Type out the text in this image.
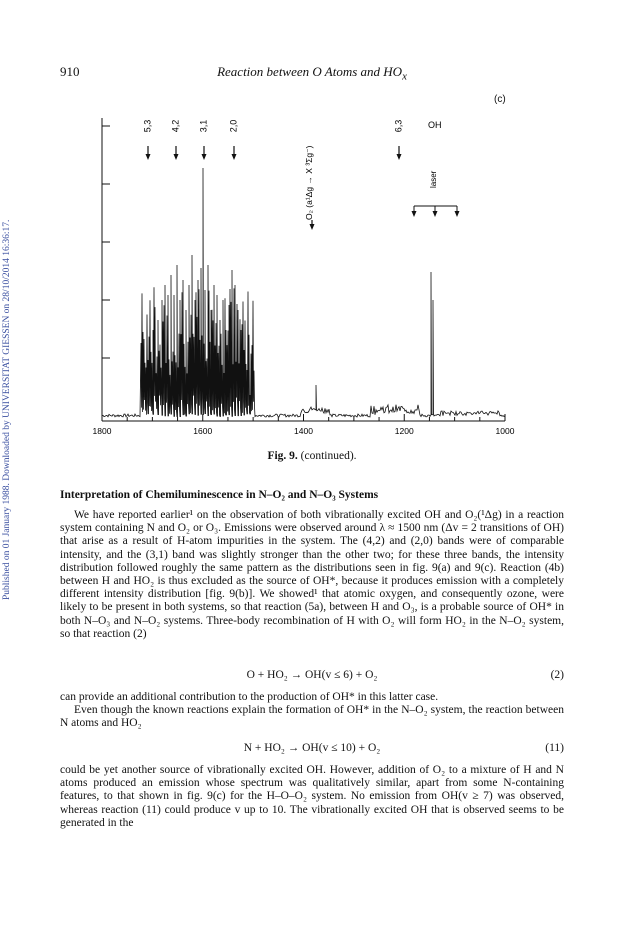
Published on 01 January 1988. Downloaded by UNIVERSITAT GIESSEN on 28/10/2014 16:36:17.
910	Reaction between O Atoms and $HO_x$
(c)
1800	1600	1400	1200	1000
5,3 4,2 3,1 2,0	6,3
O₂ (a¹Δg → X ³Σg⁻)
OH
laser
Fig. 9. (continued).
Interpretation of Chemiluminescence in N–O₂ and N–O₃ Systems

We have reported earlier¹ on the observation of both vibrationally excited OH and O₂(¹Δg) in a reaction system containing N and O₂ or O₃. Emissions were observed around λ ≈ 1500 nm (Δv = 2 transitions of OH) that arise as a result of H-atom impurities in the system. The (4,2) and (2,0) bands were of comparable intensity, and the (3,1) band was slightly stronger than the other two; for these three bands, the intensity distribution followed roughly the same pattern as the distributions seen in fig. 9(a) and 9(c). Reaction (4b) between H and HO₂ is thus excluded as the source of OH*, because it produces emission with a completely different intensity distribution [fig. 9(b)]. We showed¹ that atomic oxygen, and consequently ozone, were likely to be present in both systems, so that reaction (5a), between H and O₃, is a probable source of OH* in both N–O₃ and N–O₂ systems. Three-body recombination of H with O₂ will form HO₂ in the N–O₂ system, so that reaction (2)

O + HO₂ → OH(v ≤ 6) + O₂	(2)

can provide an additional contribution to the production of OH* in this latter case.

Even though the known reactions explain the formation of OH* in the N–O₂ system, the reaction between N atoms and HO₂

N + HO₂ → OH(v ≤ 10) + O₂	(11)

could be yet another source of vibrationally excited OH. However, addition of O₂ to a mixture of H and N atoms produced an emission whose spectrum was qualitatively similar, apart from some N-containing features, to that shown in fig. 9(c) for the H–O–O₂ system. No emission from OH(v ≥ 7) was observed, whereas reaction (11) could produce v up to 10. The vibrationally excited OH that is observed seems to be generated in the
